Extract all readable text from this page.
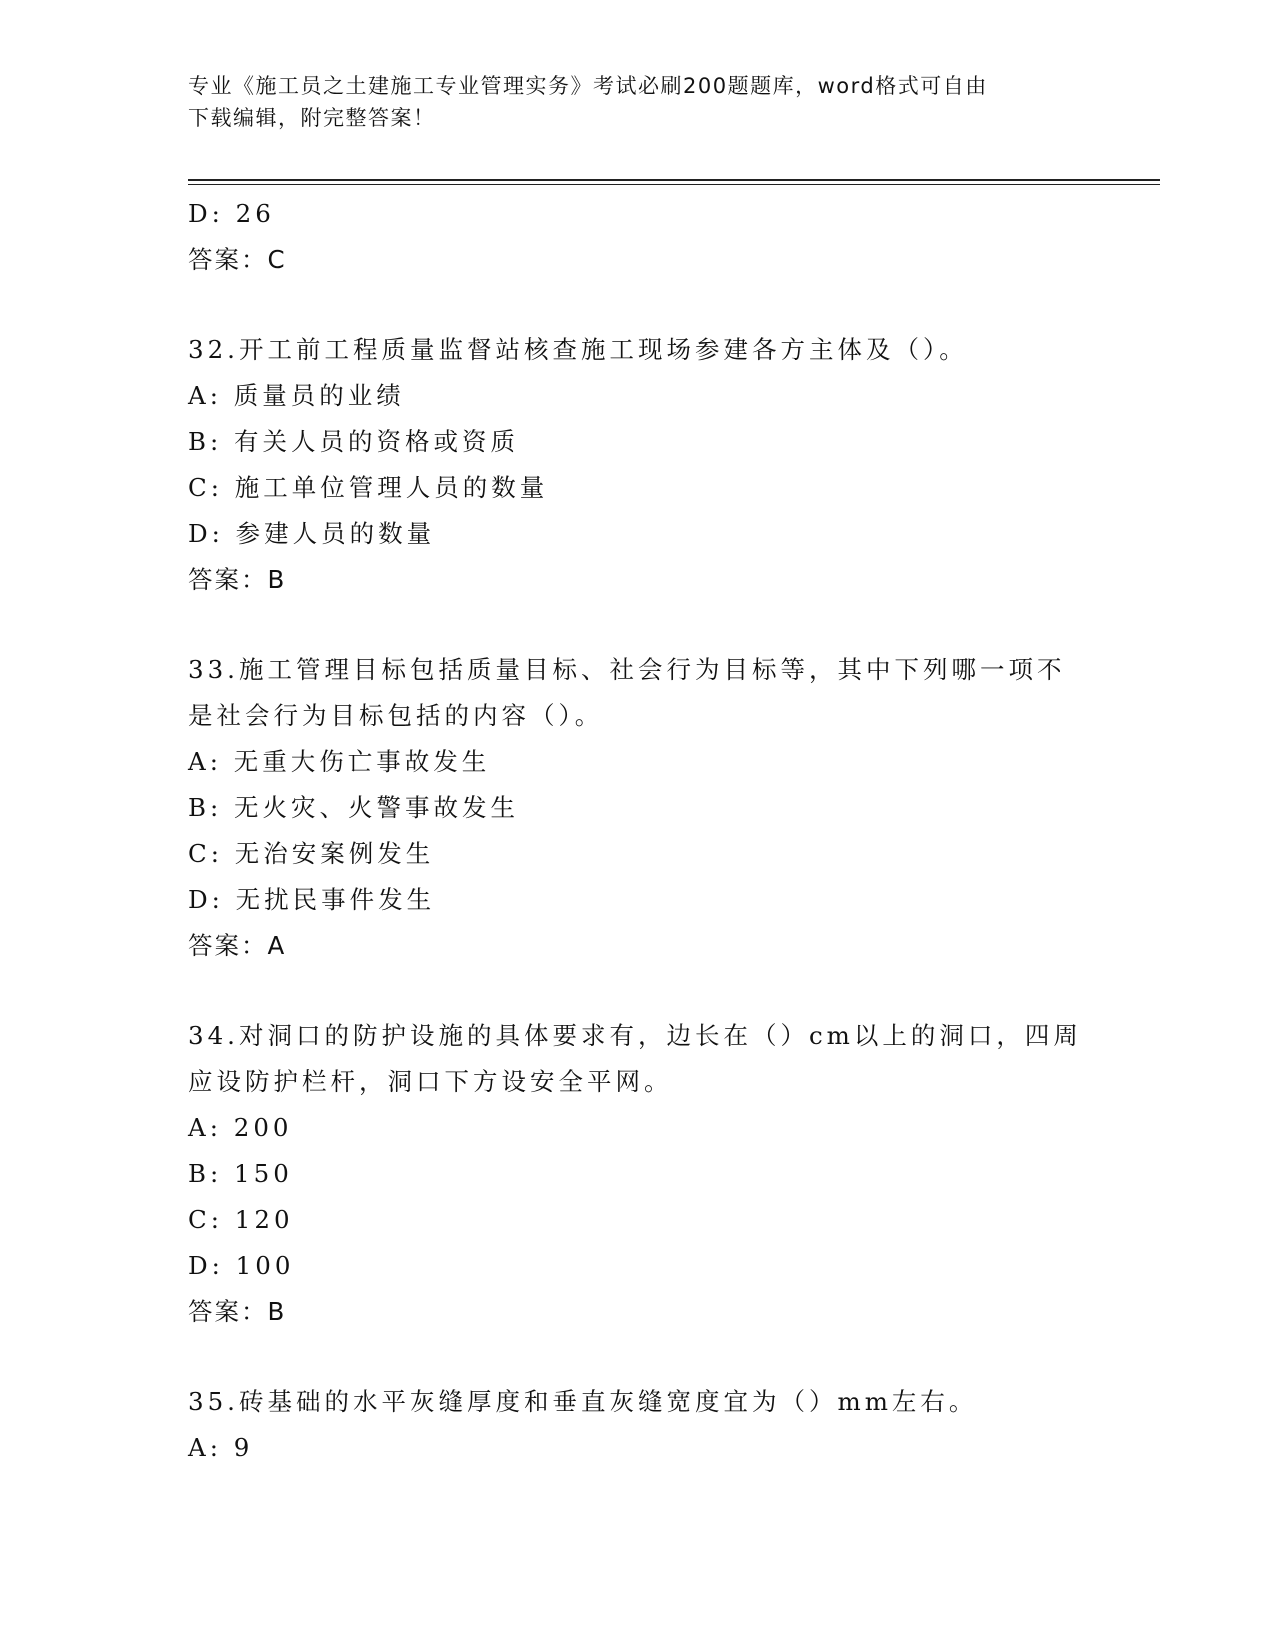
专业《施工员之土建施工专业管理实务》考试必刷200题题库，word格式可自由
下载编辑，附完整答案！
D: 26
答案：C
32.开工前工程质量监督站核查施工现场参建各方主体及（）。
A: 质量员的业绩
B: 有关人员的资格或资质
C: 施工单位管理人员的数量
D: 参建人员的数量
答案：B
33.施工管理目标包括质量目标、社会行为目标等，其中下列哪一项不
是社会行为目标包括的内容（）。
A: 无重大伤亡事故发生
B: 无火灾、火警事故发生
C: 无治安案例发生
D: 无扰民事件发生
答案：A
34.对洞口的防护设施的具体要求有，边长在（）cm以上的洞口，四周
应设防护栏杆，洞口下方设安全平网。
A: 200
B: 150
C: 120
D: 100
答案：B
35.砖基础的水平灰缝厚度和垂直灰缝宽度宜为（）mm左右。
A: 9
